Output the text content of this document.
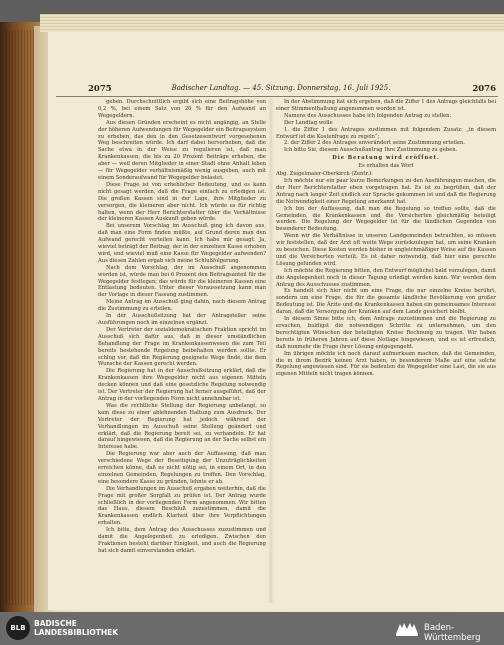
2075	Badischer Landtag. — 45. Sitzung. Donnerstag, 16. Juli 1925.	2076

geben. Durchschnittlich ergibt sich eine Beitragshöhe von 0,2 %, bei einem Satz von 20 % für den Aufwand an Wegegeldern.

Aus diesen Gründen erscheint es nicht angängig, an Stelle der höheren Aufwendungen für Wegegelder ein Beitragssystem zu erheben, das den in den Gesetzesentwurf vorgesehenen Weg beschreiten würde. Ich darf dabei hervorheben, daß die Sache etwa in der Weise zu regulieren ist, daß man Krankenkassen, die bis zu 20 Prozent Beiträge erheben, die aber — weil deren Mitglieder in einer Stadt ohne Anhalt leben — für Wegegelder verhältnismäßig wenig ausgeben, auch mit einem Sonderaufwand für Wegegelder belastet.

Diese Frage ist von erheblicher Bedeutung, und es kann nicht gesagt werden, daß die Frage einfach zu erledigen ist. Die großen Kassen sind in der Lage, ihre Mitglieder zu versorgen, die kleineren aber nicht. Ich würde es für richtig halten, wenn der Herr Berichterstatter über die Verhältnisse der kleineren Kassen Auskunft geben würde.

Bei unserem Vorschlag im Ausschuß ging ich davon aus, daß man eine Form finden müßte, auf Grund deren man den Aufwand gerecht verteilen kann. Ich habe mir gesagt: Ja, wieviel beträgt der Beitrag, der in der einzelnen Kasse erhoben wird, und wieviel muß eine Kasse für Wegegelder aufwenden? Aus diesen Zahlen ergab sich meine Schlußfolgerung.

Nach dem Vorschlag, der im Ausschuß angenommen worden ist, würde man bei 6 Prozent den Beitragsanteil für die Wegegelder festlegen; das würde für die kleineren Kassen eine Entlastung bedeuten. Unter dieser Voraussetzung kann man der Vorlage in dieser Fassung zustimmen.

Meine Antrag im Ausschuß ging dahin, nach diesem Antrag die Zustimmung zu erteilen.

In der Ausschußsitzung hat der Antragsteller seine Ausführungen noch im einzelnen ergänzt.

Der Vertreter der sozialdemokratischen Fraktion spricht im Ausschuß sich dafür aus, daß in dieser umständlichen Behandlung der Frage im Krankenkassenwesen die zum Teil bereits bestehende Regelung beibehalten werden sollte. Er schlug vor, daß die Regierung geeignete Wege finde, die dem Wunsche der Kassen gerecht werden.

Die Regierung hat in der Ausschußsitzung erklärt, daß die Krankenkassen ihre Wegegelder nicht aus eigenen Mitteln decken können und daß eine gesetzliche Regelung notwendig ist. Der Vertreter der Regierung hat ferner ausgeführt, daß der Antrag in der vorliegenden Form nicht annehmbar ist.

Was die rechtliche Stellung der Regierung anbelangt, so kam diese zu einer ablehnenden Haltung zum Ausdruck. Der Vertreter der Regierung hat jedoch während der Verhandlungen im Ausschuß seine Stellung geändert und erklärt, daß die Regierung bereit sei, zu verhandeln. Er hat darauf hingewiesen, daß die Regierung an der Sache selbst ein Interesse habe.

Die Regierung war aber auch der Auffassung, daß man verschiedene Wege der Beseitigung der Unzuträglichkeiten erreichen könne, daß es nicht nötig sei, in einem Ort, in den einzelnen Gemeinden, Regelungen zu treffen. Den Vorschlag, eine besondere Kasse zu gründen, lehnte er ab.

Die Verhandlungen im Ausschuß ergaben weiterhin, daß die Frage mit großer Sorgfalt zu prüfen ist. Der Antrag wurde schließlich in der vorliegenden Form angenommen. Wir bitten das Haus, diesem Beschluß zuzustimmen, damit die Krankenkassen endlich Klarheit über ihre Verpflichtungen erhalten.

Ich bitte, dem Antrag des Ausschusses zuzustimmen und damit die Angelegenheit zu erledigen. Zwischen den Fraktionen besteht darüber Einigkeit, und auch die Regierung hat sich damit einverstanden erklärt.

In der Abstimmung hat sich ergeben, daß die Ziffer 1 des Antrags gleichfalls bei einer Stimmenthaltung angenommen worden ist.

Namens des Ausschusses habe ich folgenden Antrag zu stellen:

Der Landtag wolle

1. die Ziffer 1 des Antrages zustimmen mit folgendem Zusatz: „in diesem Entwurf ist die Kostenfrage zu regeln“;

2. der Ziffer 2 des Antrages unverändert seine Zustimmung erteilen.

Ich bitte Sie, diesem Ausschußantrag Ihre Zustimmung zu geben.

Die Beratung wird eröffnet.

Es erhalten das Wort

Abg. Ziegelmaier-Oberkirch (Zentr.):

Ich möchte nur ein paar kurze Bemerkungen zu den Ausführungen machen, die der Herr Berichterstatter eben vorgetragen hat. Es ist zu begrüßen, daß der Antrag nach langer Zeit endlich zur Sprache gekommen ist und daß die Regierung die Notwendigkeit einer Regelung anerkannt hat.

Ich bin der Auffassung, daß man die Regelung so treffen sollte, daß die Gemeinden, die Krankenkassen und die Versicherten gleichmäßig beteiligt werden. Die Regelung der Wegegelder ist für die ländlichen Gegenden von besonderer Bedeutung.

Wenn wir die Verhältnisse in unseren Landgemeinden betrachten, so müssen wir feststellen, daß der Arzt oft weite Wege zurückzulegen hat, um seine Kranken zu besuchen. Diese Kosten werden bisher in ungleichmäßiger Weise auf die Kassen und die Versicherten verteilt. Es ist daher notwendig, daß hier eine gerechte Lösung gefunden wird.

Ich möchte die Regierung bitten, den Entwurf möglichst bald vorzulegen, damit die Angelegenheit noch in dieser Tagung erledigt werden kann. Wir werden dem Antrag des Ausschusses zustimmen.

Es handelt sich hier nicht um eine Frage, die nur einzelne Kreise berührt, sondern um eine Frage, die für die gesamte ländliche Bevölkerung von großer Bedeutung ist. Die Ärzte und die Krankenkassen haben ein gemeinsames Interesse daran, daß die Versorgung der Kranken auf dem Lande gesichert bleibt.

In diesem Sinne bitte ich, dem Antrage zuzustimmen und die Regierung zu ersuchen, baldigst die notwendigen Schritte zu unternehmen, um den berechtigten Wünschen der beteiligten Kreise Rechnung zu tragen. Wir haben bereits in früheren Jahren auf diese Notlage hingewiesen, und es ist erfreulich, daß nunmehr die Frage ihrer Lösung entgegengeht.

Im übrigen möchte ich noch darauf aufmerksam machen, daß die Gemeinden, die in ihrem Bezirk keinen Arzt haben, in besonderem Maße auf eine solche Regelung angewiesen sind. Für sie bedeuten die Wegegelder eine Last, die sie aus eigenen Mitteln nicht tragen können.

BLB	BADISCHE
LANDESBIBLIOTHEK	Baden-Württemberg
